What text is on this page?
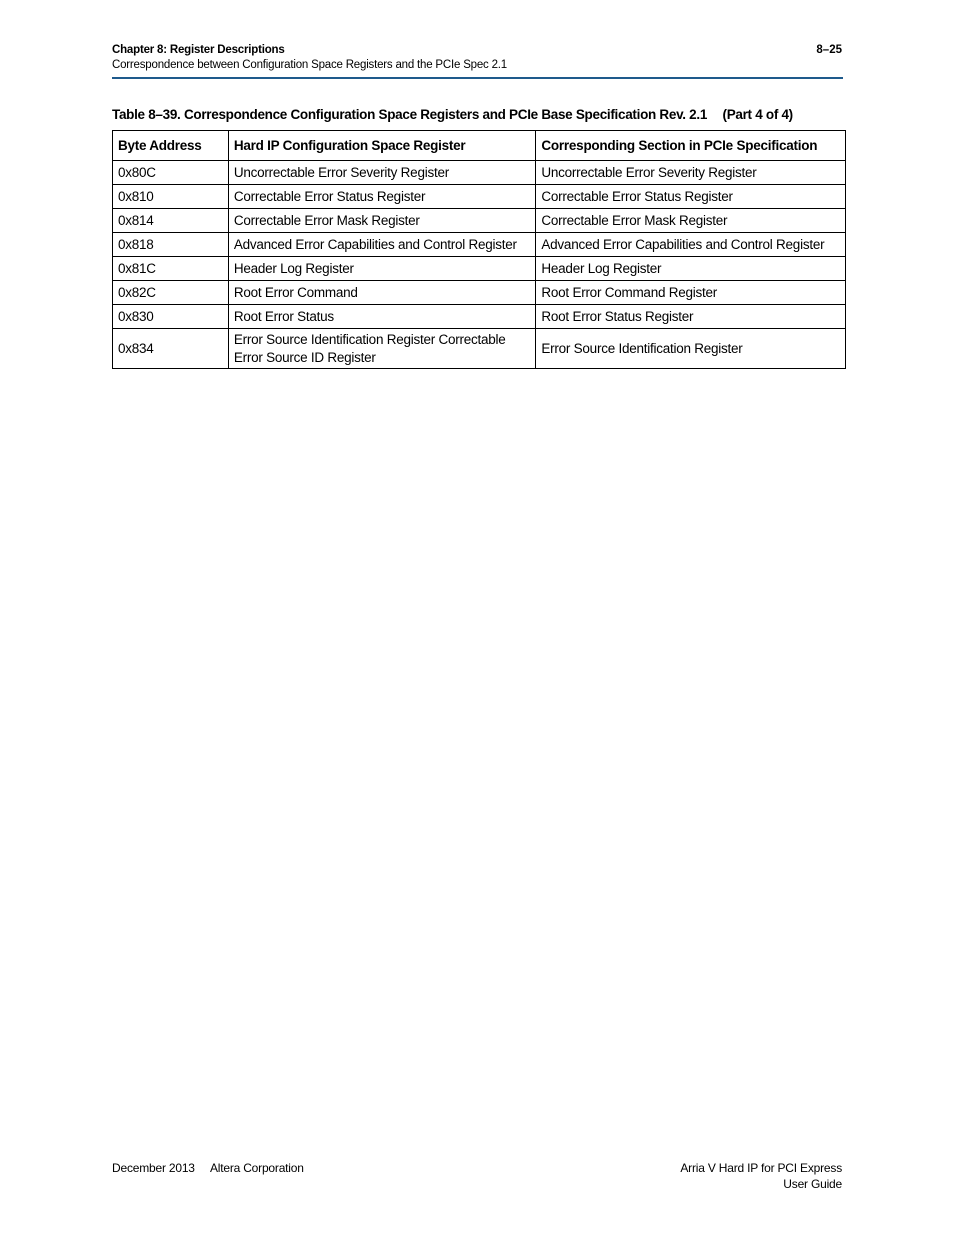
Chapter 8: Register Descriptions
Correspondence between Configuration Space Registers and the PCIe Spec 2.1
8–25
Table 8–39. Correspondence Configuration Space Registers and PCIe Base Specification Rev. 2.1 (Part 4 of 4)
Byte Address	Hard IP Configuration Space Register	Corresponding Section in PCIe Specification
0x80C	Uncorrectable Error Severity Register	Uncorrectable Error Severity Register
0x810	Correctable Error Status Register	Correctable Error Status Register
0x814	Correctable Error Mask Register	Correctable Error Mask Register
0x818	Advanced Error Capabilities and Control Register	Advanced Error Capabilities and Control Register
0x81C	Header Log Register	Header Log Register
0x82C	Root Error Command	Root Error Command Register
0x830	Root Error Status	Root Error Status Register
0x834	Error Source Identification Register Correctable Error Source ID Register	Error Source Identification Register
December 2013 Altera Corporation	Arria V Hard IP for PCI Express
User Guide
